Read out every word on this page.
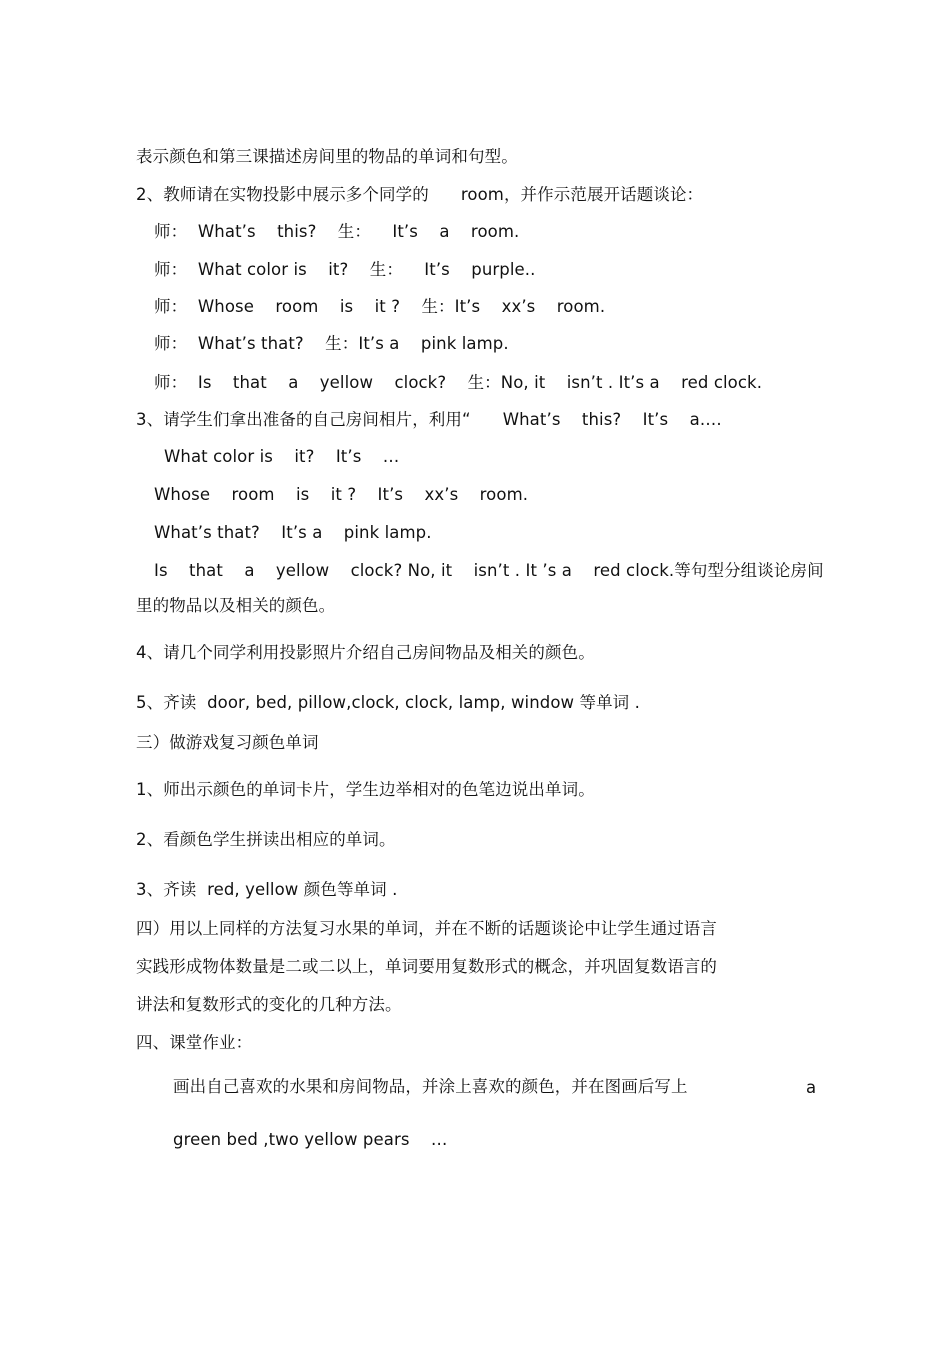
表示颜色和第三课描述房间里的物品的单词和句型。
2、教师请在实物投影中展示多个同学的      room，并作示范展开话题谈论：
师：  What’s    this?    生：    It’s    a    room.
师：  What color is    it?    生：    It’s    purple..
师：  Whose    room    is    it ?    生：It’s    xx’s    room.
师：  What’s that?    生：It’s a    pink lamp.
师：  Is    that    a    yellow    clock?    生：No, it    isn’t . It’s a    red clock.
3、请学生们拿出准备的自己房间相片，利用“      What’s    this?    It’s    a….
What color is    it?    It’s    …
Whose    room    is    it ?    It’s    xx’s    room.
What’s that?    It’s a    pink lamp.
Is    that    a    yellow    clock? No, it    isn’t . It ’s a    red clock.等句型分组谈论房间
里的物品以及相关的颜色。
4、请几个同学利用投影照片介绍自己房间物品及相关的颜色。
5、齐读  door, bed, pillow,clock, clock, lamp, window 等单词 .
三）做游戏复习颜色单词
1、师出示颜色的单词卡片，学生边举相对的色笔边说出单词。
2、看颜色学生拼读出相应的单词。
3、齐读  red, yellow 颜色等单词 .
四）用以上同样的方法复习水果的单词，并在不断的话题谈论中让学生通过语言
实践形成物体数量是二或二以上，单词要用复数形式的概念，并巩固复数语言的
讲法和复数形式的变化的几种方法。
四、课堂作业：
画出自己喜欢的水果和房间物品，并涂上喜欢的颜色，并在图画后写上	a
green bed ,two yellow pears    …
